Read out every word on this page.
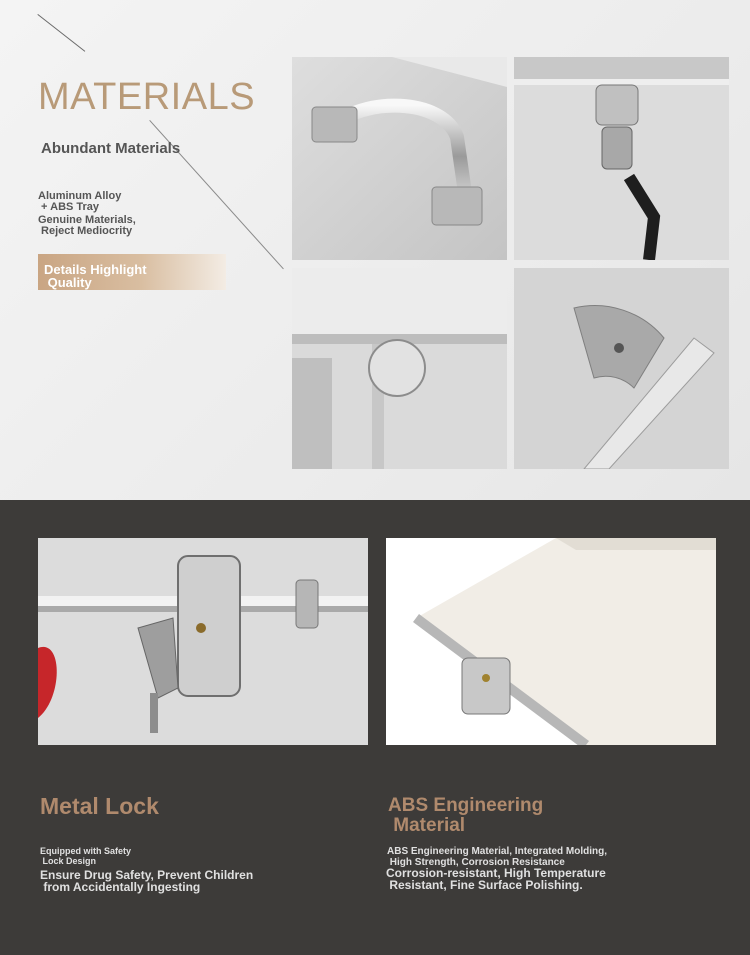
MATERIALS
Abundant Materials
Aluminum Alloy
+ ABS Tray
Genuine Materials,
Reject Mediocrity
Details Highlight
Quality
Metal Lock
Equipped with Safety
Lock Design
Ensure Drug Safety, Prevent Children
from Accidentally Ingesting
ABS Engineering
Material
ABS Engineering Material, Integrated Molding,
High Strength, Corrosion Resistance
Corrosion-resistant, High Temperature
Resistant, Fine Surface Polishing.
